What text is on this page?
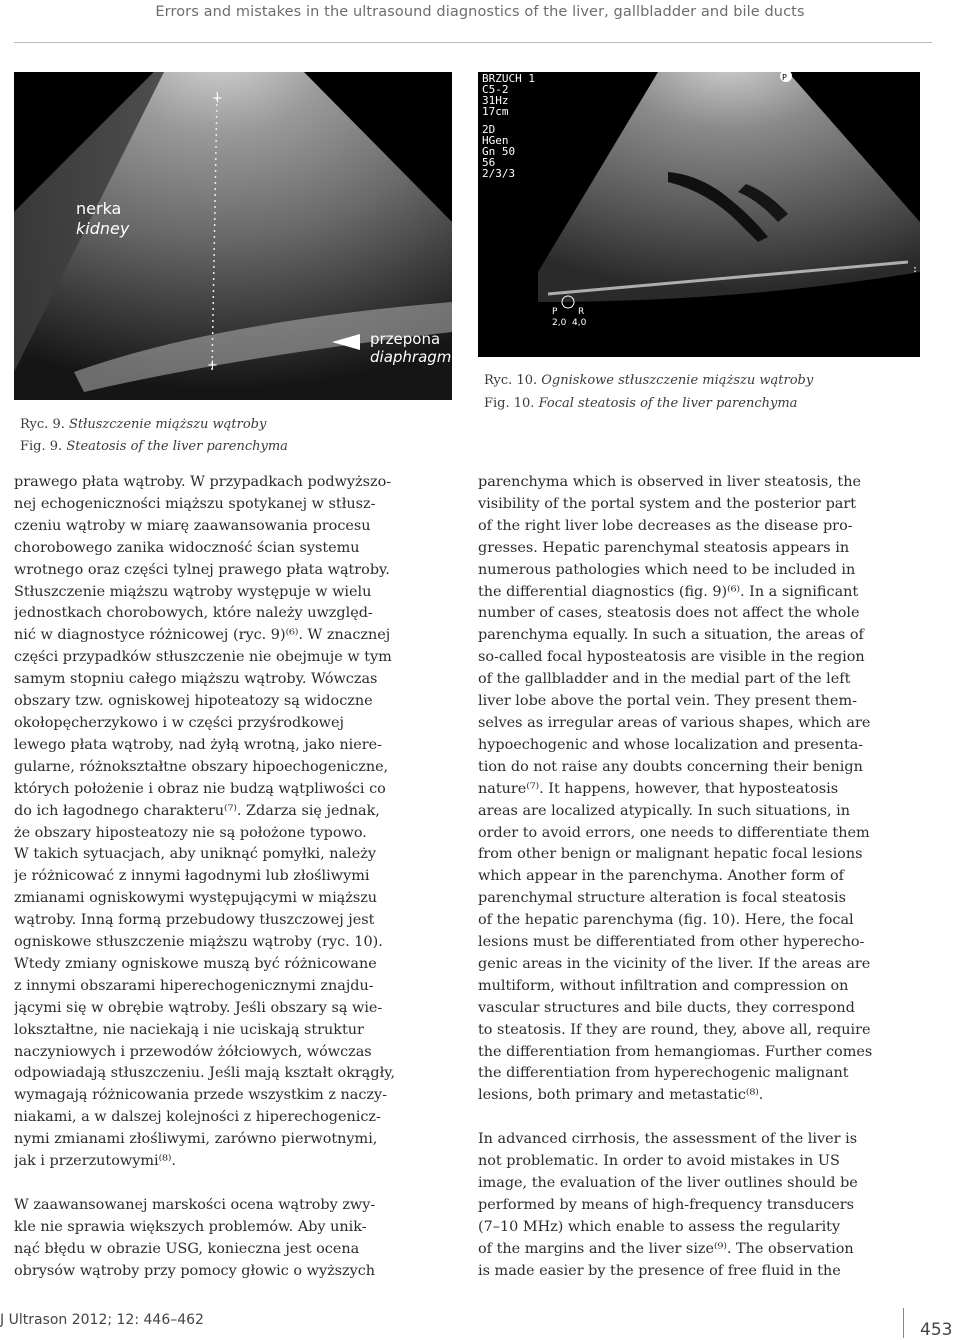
Errors and mistakes in the ultrasound diagnostics of the liver, gallbladder and bile ducts
+
+
nerka
kidney
przepona
diaphragm
Ryc. 9. Stłuszczenie miąższu wątroby
Fig. 9. Steatosis of the liver parenchyma
BRZUCH 1
C5-2
31Hz
17cm
2D
HGen
Gn 50
56
2/3/3
P
P R
2,0  4,0
:
Ryc. 10. Ogniskowe stłuszczenie miąższu wątroby
Fig. 10. Focal steatosis of the liver parenchyma
prawego płata wątroby. W przypadkach podwyższo-
nej echogeniczności miąższu spotykanej w stłusz-
czeniu wątroby w miarę zaawansowania procesu
chorobowego zanika widoczność ścian systemu
wrotnego oraz części tylnej prawego płata wątroby.
Stłuszczenie miąższu wątroby występuje w wielu
jednostkach chorobowych, które należy uwzględ-
nić w diagnostyce różnicowej (ryc. 9)⁽⁶⁾. W znacznej
części przypadków stłuszczenie nie obejmuje w tym
samym stopniu całego miąższu wątroby. Wówczas
obszary tzw. ogniskowej hipoteatozy są widoczne
okołopęcherzykowo i w części przyśrodkowej
lewego płata wątroby, nad żyłą wrotną, jako niere-
gularne, różnokształtne obszary hipoechogeniczne,
których położenie i obraz nie budzą wątpliwości co
do ich łagodnego charakteru⁽⁷⁾. Zdarza się jednak,
że obszary hiposteatozy nie są położone typowo.
W takich sytuacjach, aby uniknąć pomyłki, należy
je różnicować z innymi łagodnymi lub złośliwymi
zmianami ogniskowymi występującymi w miąższu
wątroby. Inną formą przebudowy tłuszczowej jest
ogniskowe stłuszczenie miąższu wątroby (ryc. 10).
Wtedy zmiany ogniskowe muszą być różnicowane
z innymi obszarami hiperechogenicznymi znajdu-
jącymi się w obrębie wątroby. Jeśli obszary są wie-
lokształtne, nie naciekają i nie uciskają struktur
naczyniowych i przewodów żółciowych, wówczas
odpowiadają stłuszczeniu. Jeśli mają kształt okrągły,
wymagają różnicowania przede wszystkim z naczy-
niakami, a w dalszej kolejności z hiperechogenicz-
nymi zmianami złośliwymi, zarówno pierwotnymi,
jak i przerzutowymi⁽⁸⁾.
W zaawansowanej marskości ocena wątroby zwy-
kle nie sprawia większych problemów. Aby unik-
nąć błędu w obrazie USG, konieczna jest ocena
obrysów wątroby przy pomocy głowic o wyższych
parenchyma which is observed in liver steatosis, the
visibility of the portal system and the posterior part
of the right liver lobe decreases as the disease pro-
gresses. Hepatic parenchymal steatosis appears in
numerous pathologies which need to be included in
the differential diagnostics (fig. 9)⁽⁶⁾. In a significant
number of cases, steatosis does not affect the whole
parenchyma equally. In such a situation, the areas of
so-called focal hyposteatosis are visible in the region
of the gallbladder and in the medial part of the left
liver lobe above the portal vein. They present them-
selves as irregular areas of various shapes, which are
hypoechogenic and whose localization and presenta-
tion do not raise any doubts concerning their benign
nature⁽⁷⁾. It happens, however, that hyposteatosis
areas are localized atypically. In such situations, in
order to avoid errors, one needs to differentiate them
from other benign or malignant hepatic focal lesions
which appear in the parenchyma. Another form of
parenchymal structure alteration is focal steatosis
of the hepatic parenchyma (fig. 10). Here, the focal
lesions must be differentiated from other hyperecho-
genic areas in the vicinity of the liver. If the areas are
multiform, without infiltration and compression on
vascular structures and bile ducts, they correspond
to steatosis. If they are round, they, above all, require
the differentiation from hemangiomas. Further comes
the differentiation from hyperechogenic malignant
lesions, both primary and metastatic⁽⁸⁾.
In advanced cirrhosis, the assessment of the liver is
not problematic. In order to avoid mistakes in US
image, the evaluation of the liver outlines should be
performed by means of high-frequency transducers
(7–10 MHz) which enable to assess the regularity
of the margins and the liver size⁽⁹⁾. The observation
is made easier by the presence of free fluid in the
J Ultrason 2012; 12: 446–462	453
